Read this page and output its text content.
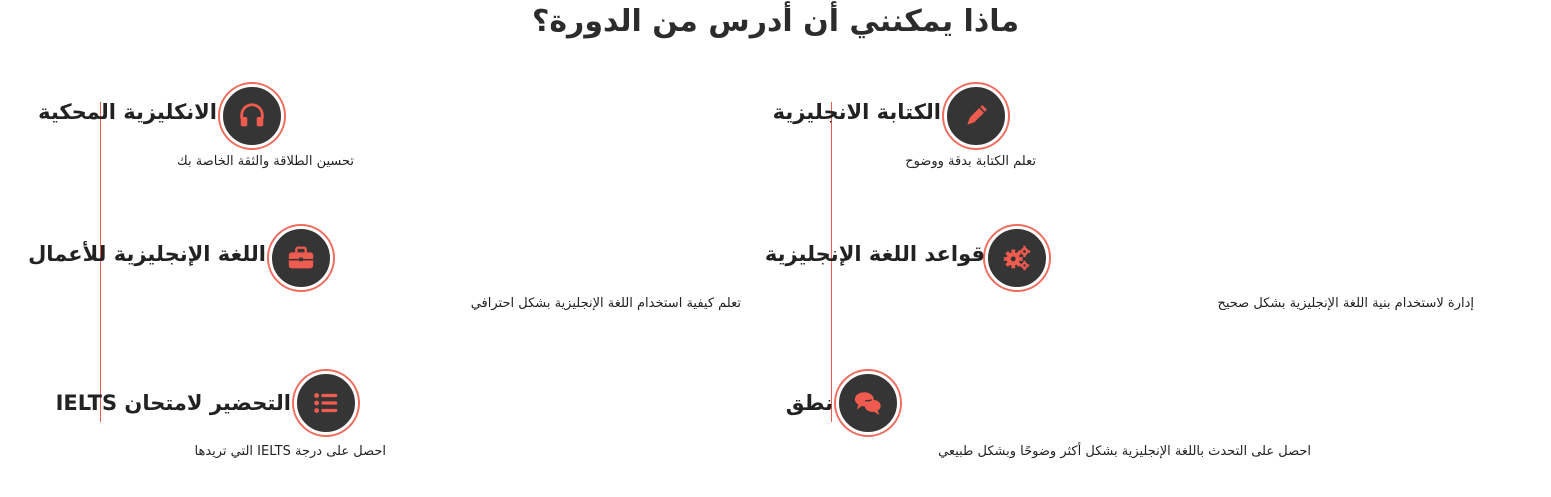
ماذا يمكنني أن أدرس من الدورة؟
الانكليزية المحكية
تحسين الطلاقة والثقة الخاصة بك
الكتابة الانجليزية
تعلم الكتابة بدقة ووضوح
اللغة الإنجليزية للأعمال
تعلم كيفية استخدام اللغة الإنجليزية بشكل احترافي
قواعد اللغة الإنجليزية
إدارة لاستخدام بنية اللغة الإنجليزية بشكل صحيح
التحضير لامتحان IELTS
احصل على درجة IELTS التي تريدها
نطق
احصل على التحدث باللغة الإنجليزية بشكل أكثر وضوحًا وبشكل طبيعي
